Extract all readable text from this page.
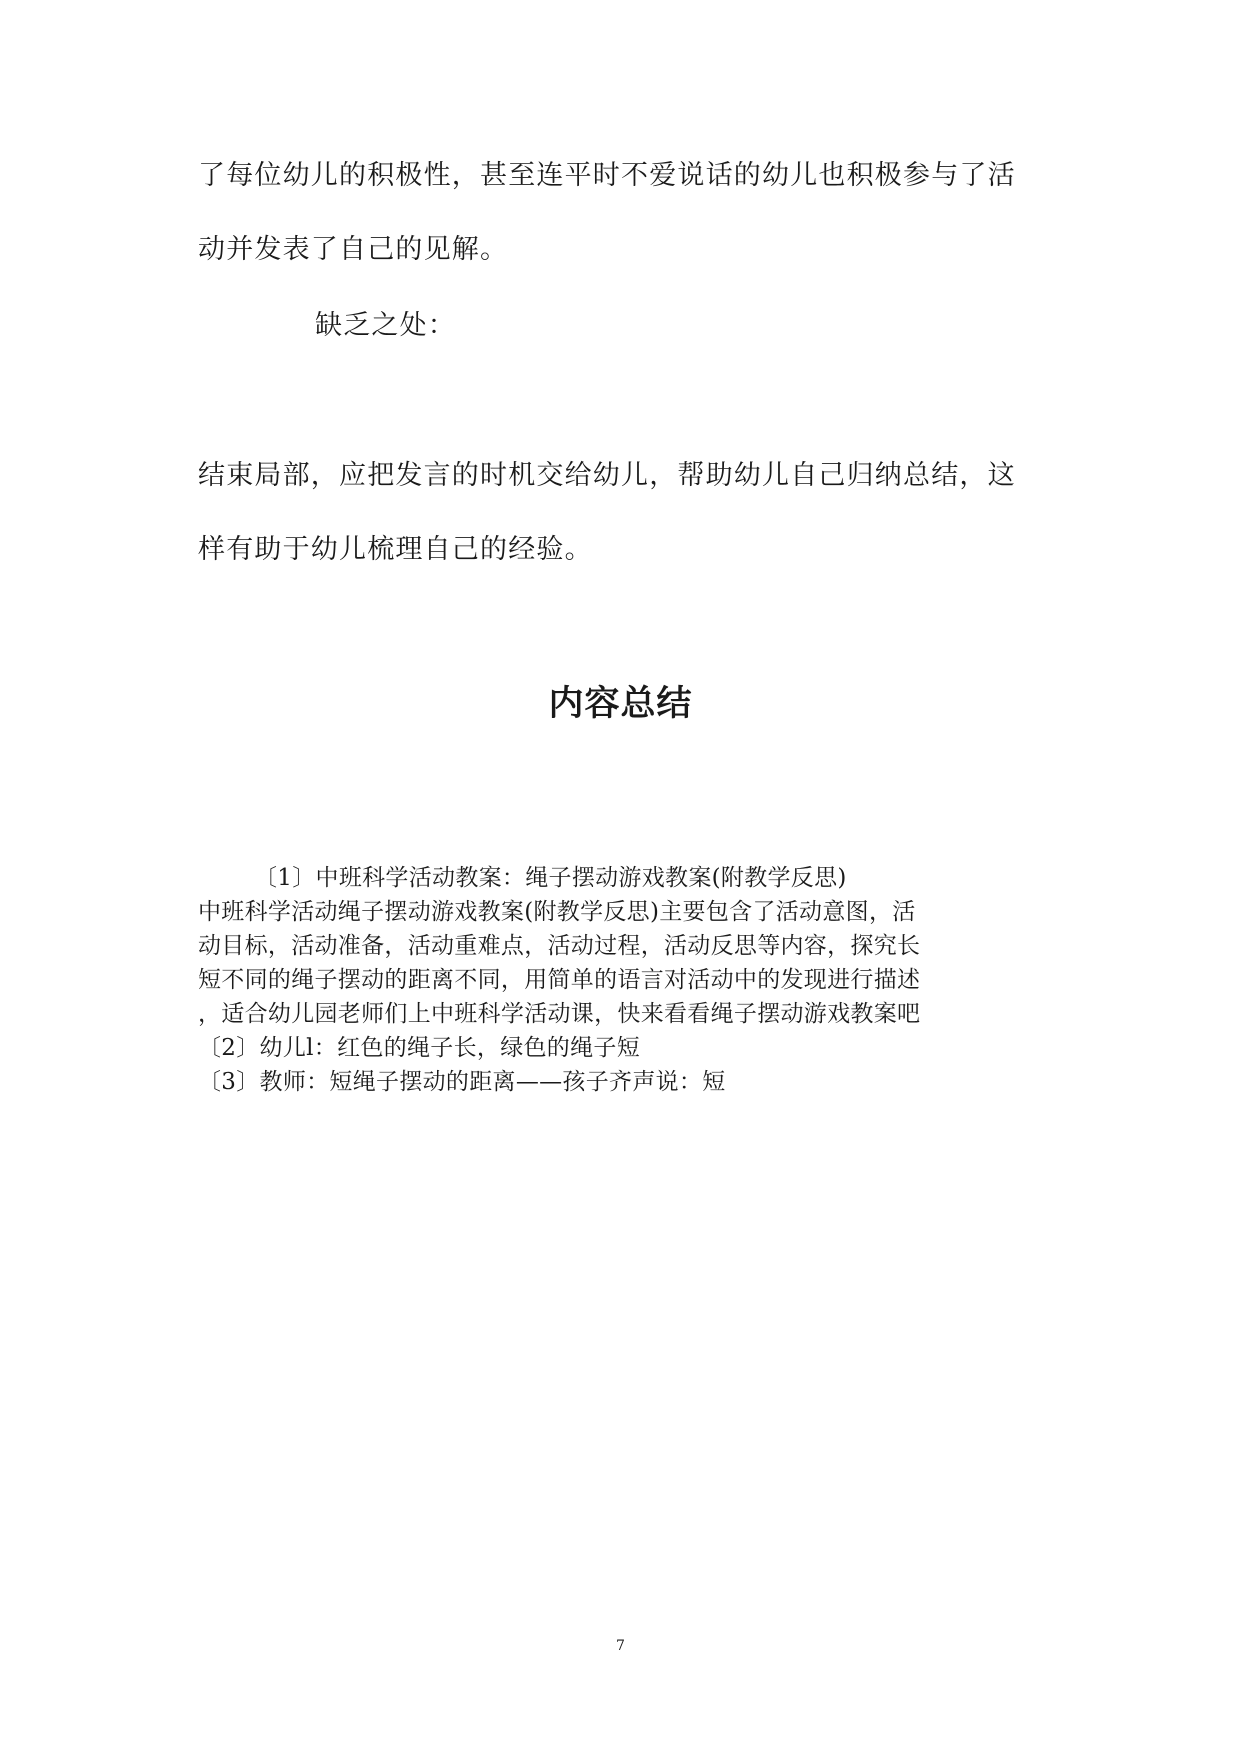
了每位幼儿的积极性，甚至连平时不爱说话的幼儿也积极参与了活
动并发表了自己的见解。
缺乏之处：
结束局部，应把发言的时机交给幼儿，帮助幼儿自己归纳总结，这
样有助于幼儿梳理自己的经验。
内容总结
〔1〕中班科学活动教案：绳子摆动游戏教案(附教学反思)
中班科学活动绳子摆动游戏教案(附教学反思)主要包含了活动意图，活
动目标，活动准备，活动重难点，活动过程，活动反思等内容，探究长
短不同的绳子摆动的距离不同，用简单的语言对活动中的发现进行描述
，适合幼儿园老师们上中班科学活动课，快来看看绳子摆动游戏教案吧
〔2〕幼儿l：红色的绳子长，绿色的绳子短
〔3〕教师：短绳子摆动的距离——孩子齐声说：短
7
